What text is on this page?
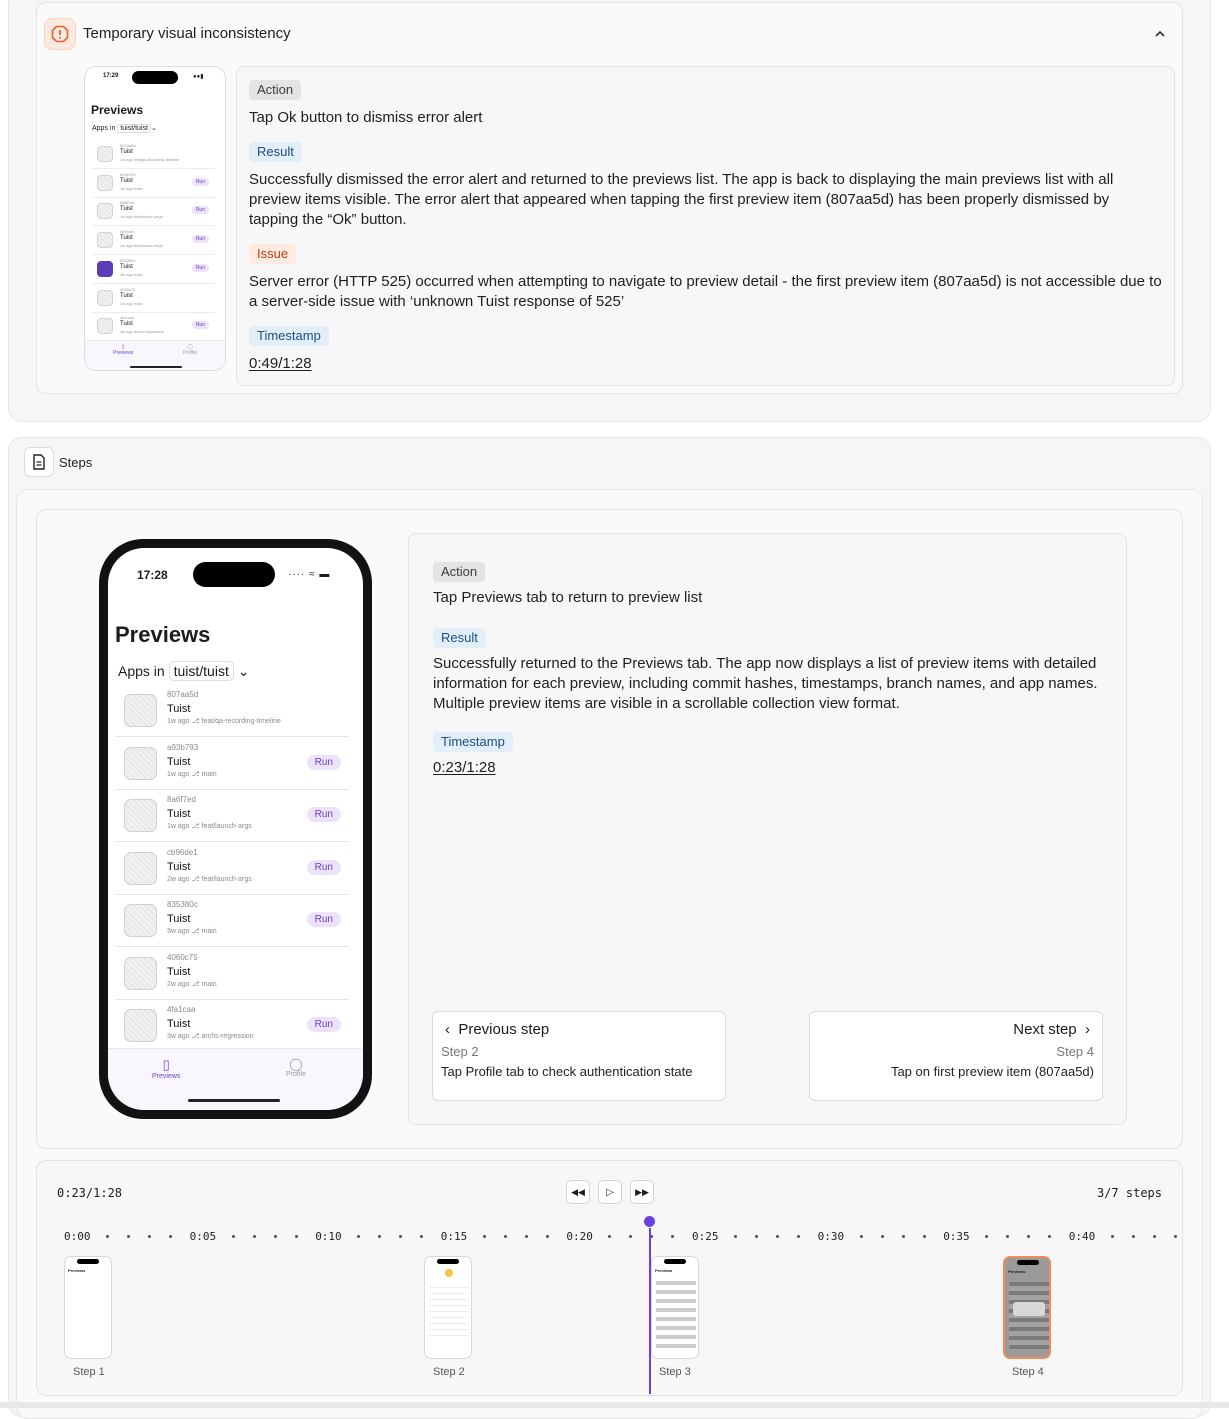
Temporary visual inconsistency
17:29	●●▮
Previews
Apps in tuist/tuist ⌄
807aa5d
Tuist
1w ago feat/ga-recording-timeline
a93b793
Tuist
1w ago main
Run
8a6f7ed
Tuist
1w ago feat/launch-args
Run
cb96de1
Tuist
2w ago feat/launch-args
Run
835380c
Tuist
3w ago main
Run
4060c75
Tuist
2w ago main
4fa1caa
Tuist
3w ago archs-regression
Run
▯
Previews
◯
Profile
Action
Tap Ok button to dismiss error alert
Result
Successfully dismissed the error alert and returned to the previews list. The app is back to displaying the main previews list with all preview items visible. The error alert that appeared when tapping the first preview item (807aa5d) has been properly dismissed by tapping the “Ok” button.
Issue
Server error (HTTP 525) occurred when attempting to navigate to preview detail - the first preview item (807aa5d) is not accessible due to a server-side issue with ‘unknown Tuist response of 525’
Timestamp
0:49/1:28
Steps
17:28	···· ≈ ▬
Previews
Apps in tuist/tuist ⌄
807aa5d
Tuist
1w ago ⎇ feat/qa-recording-timeline
a93b793
Tuist
1w ago ⎇ main
Run
8a6f7ed
Tuist
1w ago ⎇ feat/launch-args
Run
cb96de1
Tuist
2w ago ⎇ feat/launch-args
Run
835380c
Tuist
3w ago ⎇ main
Run
4060c75
Tuist
2w ago ⎇ main
4fa1caa
Tuist
3w ago ⎇ archs-regression
Run
▯
Previews
◯
Profile
Action
Tap Previews tab to return to preview list
Result
Successfully returned to the Previews tab. The app now displays a list of preview items with detailed information for each preview, including commit hashes, timestamps, branch names, and app names. Multiple preview items are visible in a scrollable collection view format.
Timestamp
0:23/1:28
‹ Previous step
Step 2
Tap Profile tab to check authentication state
Next step ›
Step 4
Tap on first preview item (807aa5d)
0:23/1:28	3/7 steps
◀◀ ▷ ▶▶
0:00	0:05	0:10	0:15	0:20	0:25	0:30	0:35	0:40
Previews
Step 1	Step 2
Previews
Step 3
Previews
Step 4
